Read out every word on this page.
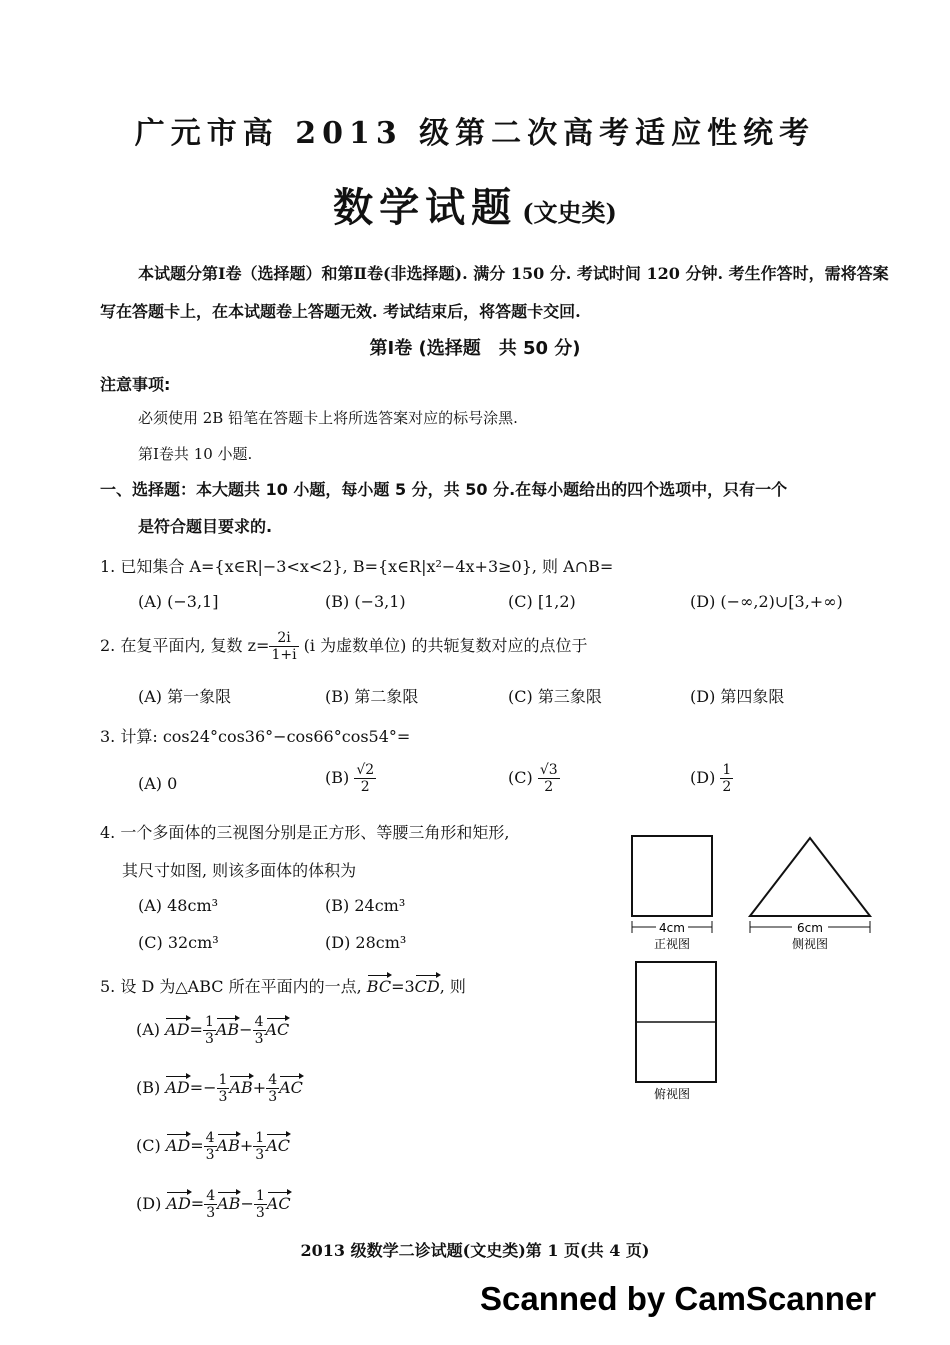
广元市高 2013 级第二次高考适应性统考
数学试题 (文史类)
本试题分第Ⅰ卷（选择题）和第Ⅱ卷(非选择题). 满分 150 分. 考试时间 120 分钟. 考生作答时，需将答案写在答题卡上，在本试题卷上答题无效. 考试结束后，将答题卡交回.
第Ⅰ卷 (选择题　共 50 分)
注意事项:
必须使用 2B 铅笔在答题卡上将所选答案对应的标号涂黑.
第Ⅰ卷共 10 小题.
一、选择题：本大题共 10 小题，每小题 5 分，共 50 分.在每小题给出的四个选项中，只有一个
是符合题目要求的.
1. 已知集合 A={x∈R|−3<x<2}, B={x∈R|x²−4x+3≥0}, 则 A∩B=
(A) (−3,1]	(B) (−3,1)	(C) [1,2)	(D) (−∞,2)∪[3,+∞)
2. 在复平面内, 复数 $z= \frac{2i}{1+i} (i$ 为虚数单位) 的共轭复数对应的点位于
(A) 第一象限	(B) 第二象限	(C) 第三象限	(D) 第四象限
3. 计算: cos24°cos36°−cos66°cos54°=
(A) 0	$(B) \frac{√2}{2}$	$(C) \frac{√3}{2}$	$(D) \frac{1}{2}$
4. 一个多面体的三视图分别是正方形、等腰三角形和矩形,
其尺寸如图, 则该多面体的体积为
(A) 48cm³	(B) 24cm³
(C) 32cm³	(D) 28cm³
4cm
正视图
6cm
侧视图
俯视图
5. 设 D 为△ABC 所在平面内的一点, BC=3CD, 则
(A) $AD= \frac{1}{3} AB- \frac{4}{3}$ AC
(B) $AD=- \frac{1}{3} AB+ \frac{4}{3}$ AC
(C) $AD= \frac{4}{3} AB+ \frac{1}{3}$ AC
(D) $AD= \frac{4}{3} AB- \frac{1}{3}$ AC
2013 级数学二诊试题(文史类)第 1 页(共 4 页)
Scanned by CamScanner
